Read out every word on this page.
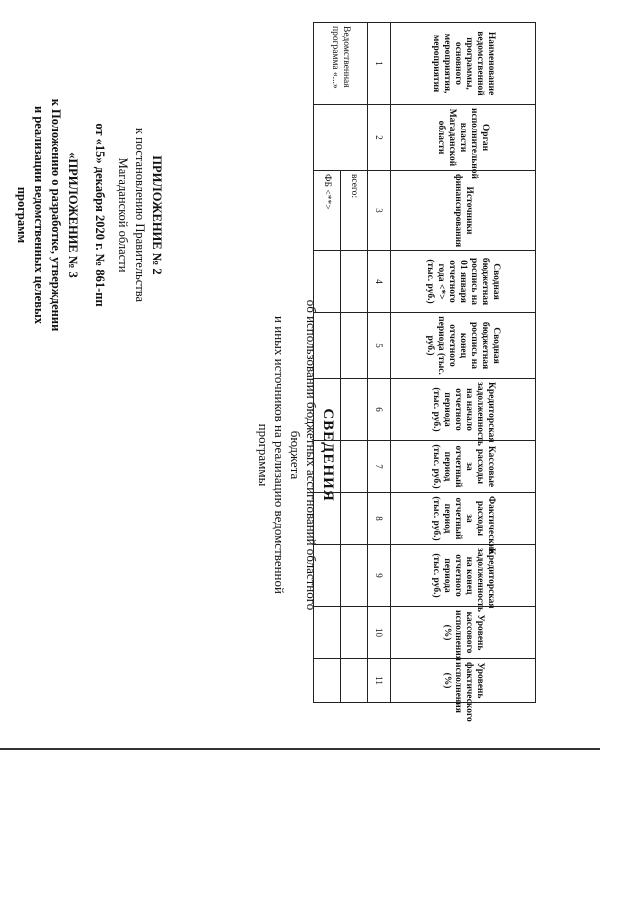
ПРИЛОЖЕНИЕ № 2
к постановлению Правительства
Магаданской области
от «15» декабря 2020 г. № 861-пп
«ПРИЛОЖЕНИЕ № 3
к Положению о разработке, утверждении
и реализации ведомственных целевых
программ
СВЕДЕНИЯ
об использовании бюджетных ассигнований областного бюджета
и иных источников на реализацию ведомственной программы
Наименование ведомственной программы, основного мероприятия, мероприятия	Орган исполнительной власти Магаданской области	Источники финансирования	Сводная бюджетная роспись на 01 января отчетного года <*> (тыс. руб.)	Сводная бюджетная роспись на конец отчетного периода (тыс. руб.)	Кредиторская задолженность на начало отчетного периода (тыс. руб.)	Кассовые расходы за отчетный период (тыс. руб.)	Фактические расходы за отчетный период (тыс. руб.)	Кредиторская задолженность на конец отчетного периода (тыс. руб.)	Уровень кассового исполнения (%)	Уровень фактического исполнения (%)
1	2	3	4	5	6	7	8	9	10	11
Ведомственная программа «...»		всего:								
		ФБ <**>								
